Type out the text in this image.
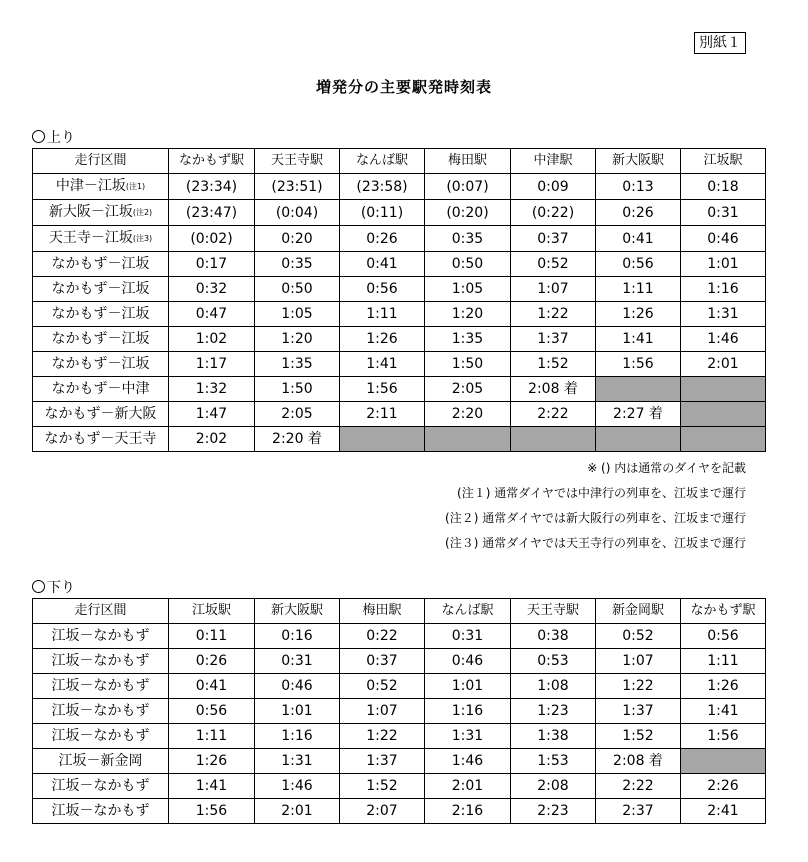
別紙１
増発分の主要駅発時刻表
上り
走行区間	なかもず駅	天王寺駅	なんば駅	梅田駅	中津駅	新大阪駅	江坂駅
中津－江坂(注1)	(23:34)	(23:51)	(23:58)	(0:07)	0:09	0:13	0:18
新大阪－江坂(注2)	(23:47)	(0:04)	(0:11)	(0:20)	(0:22)	0:26	0:31
天王寺－江坂(注3)	(0:02)	0:20	0:26	0:35	0:37	0:41	0:46
なかもず－江坂	0:17	0:35	0:41	0:50	0:52	0:56	1:01
なかもず－江坂	0:32	0:50	0:56	1:05	1:07	1:11	1:16
なかもず－江坂	0:47	1:05	1:11	1:20	1:22	1:26	1:31
なかもず－江坂	1:02	1:20	1:26	1:35	1:37	1:41	1:46
なかもず－江坂	1:17	1:35	1:41	1:50	1:52	1:56	2:01
なかもず－中津	1:32	1:50	1:56	2:05	2:08 着		
なかもず－新大阪	1:47	2:05	2:11	2:20	2:22	2:27 着	
なかもず－天王寺	2:02	2:20 着					
※ () 内は通常のダイヤを記載
(注１) 通常ダイヤでは中津行の列車を、江坂まで運行
(注２) 通常ダイヤでは新大阪行の列車を、江坂まで運行
(注３) 通常ダイヤでは天王寺行の列車を、江坂まで運行
下り
走行区間	江坂駅	新大阪駅	梅田駅	なんば駅	天王寺駅	新金岡駅	なかもず駅
江坂－なかもず	0:11	0:16	0:22	0:31	0:38	0:52	0:56
江坂－なかもず	0:26	0:31	0:37	0:46	0:53	1:07	1:11
江坂－なかもず	0:41	0:46	0:52	1:01	1:08	1:22	1:26
江坂－なかもず	0:56	1:01	1:07	1:16	1:23	1:37	1:41
江坂－なかもず	1:11	1:16	1:22	1:31	1:38	1:52	1:56
江坂－新金岡	1:26	1:31	1:37	1:46	1:53	2:08 着	
江坂－なかもず	1:41	1:46	1:52	2:01	2:08	2:22	2:26
江坂－なかもず	1:56	2:01	2:07	2:16	2:23	2:37	2:41
